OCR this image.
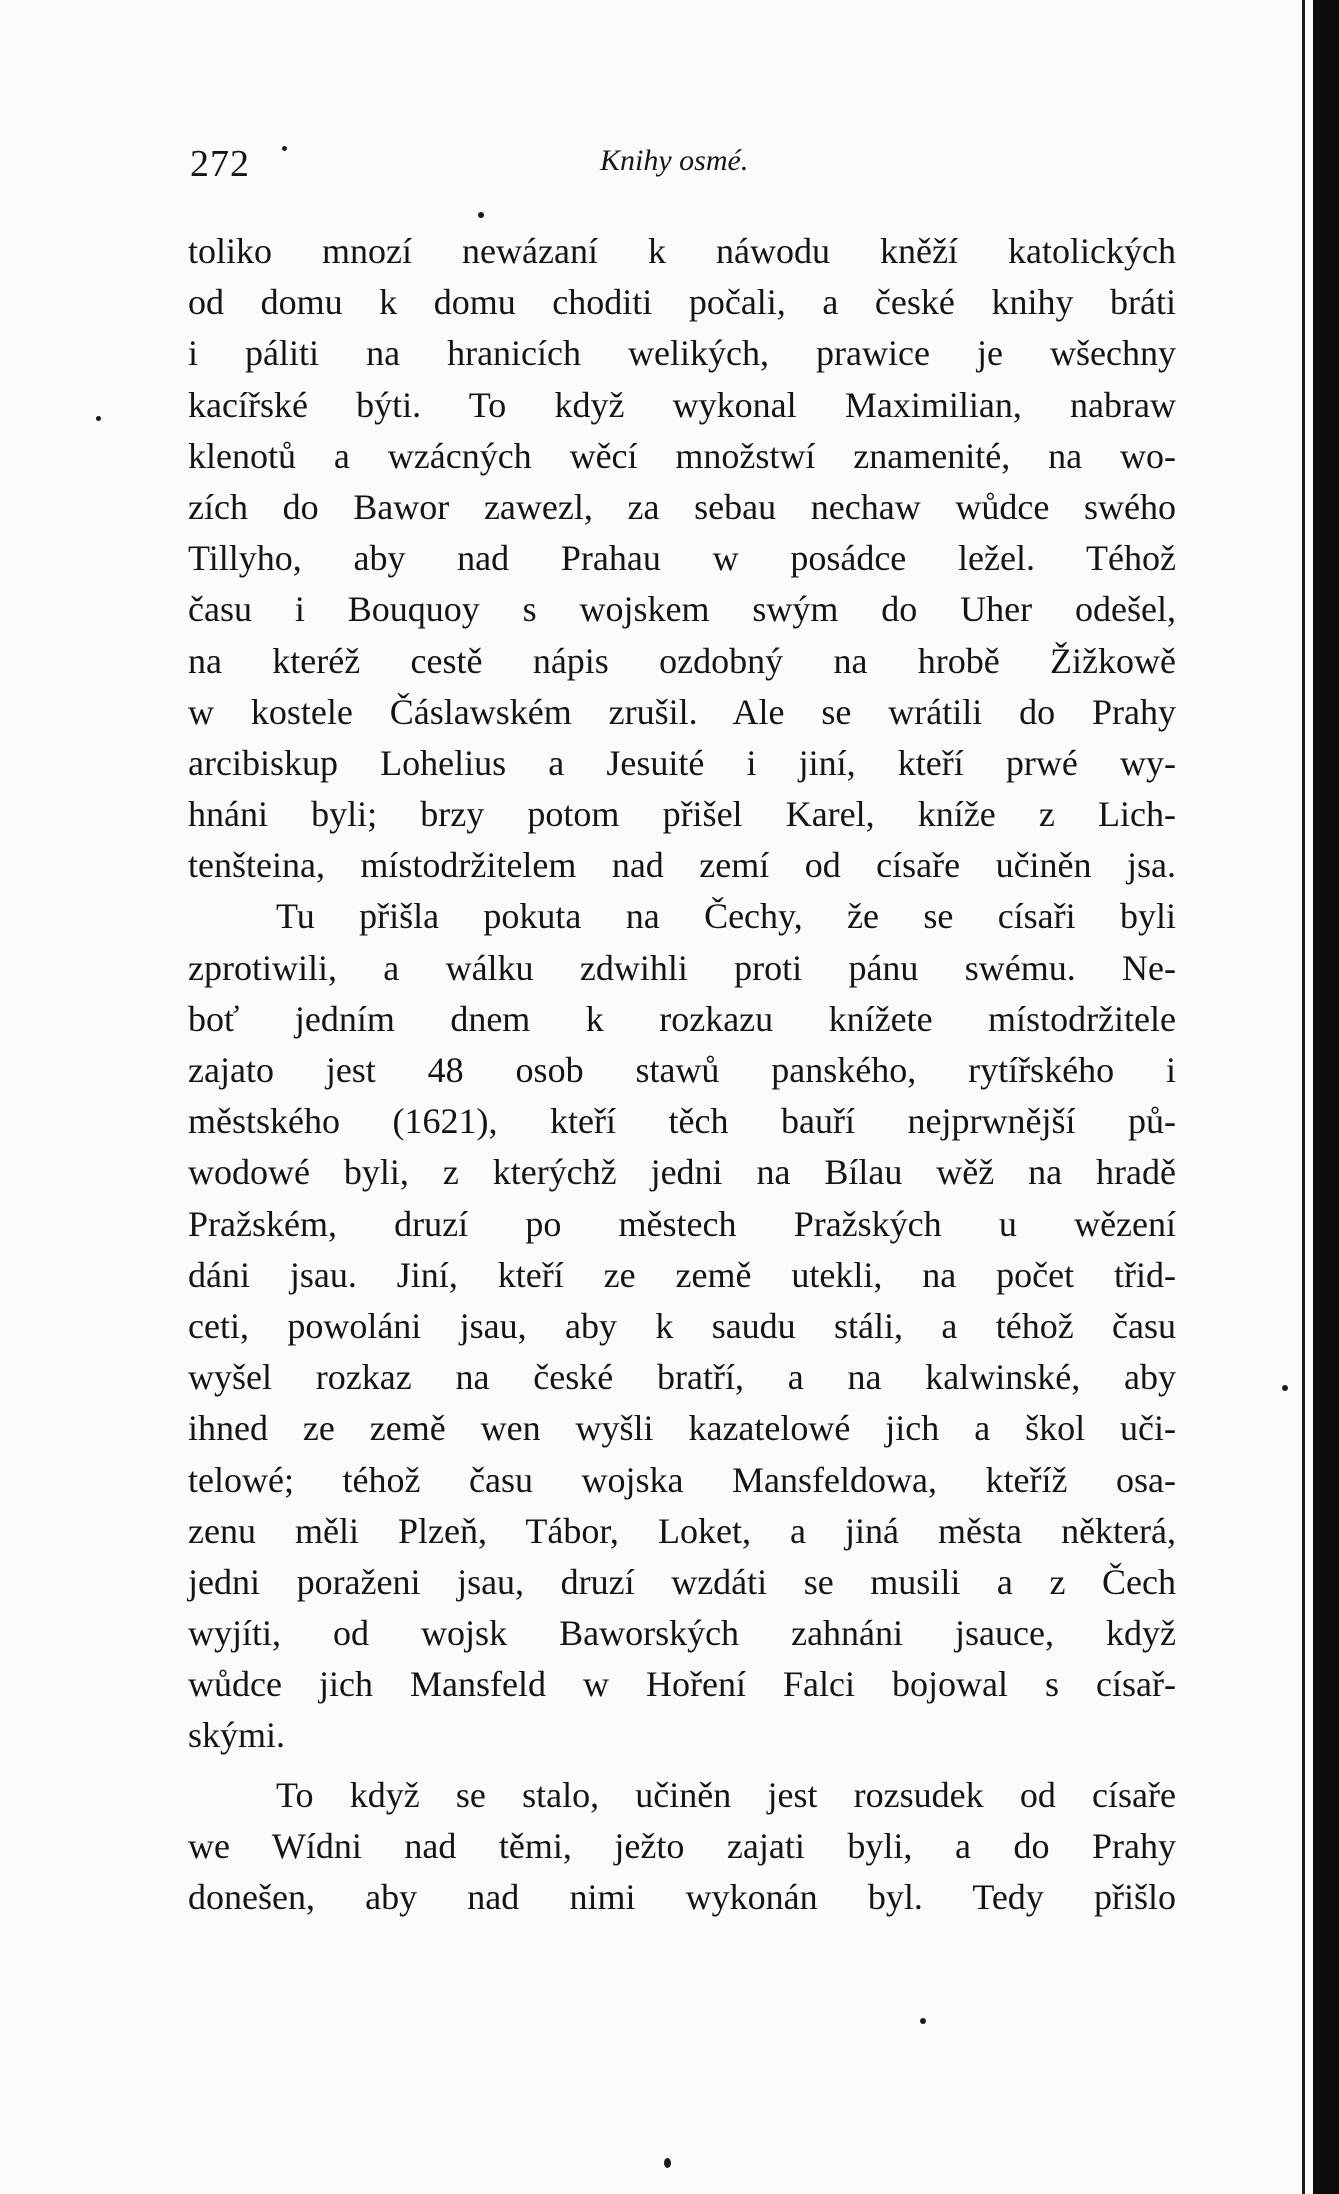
272	Knihy osmé.
toliko mnozí newázaní k náwodu kněží katolických
od domu k domu choditi počali, a české knihy bráti
i páliti na hranicích welikých, prawice je wšechny
kacířské býti. To když wykonal Maximilian, nabraw
klenotů a wzácných wěcí množstwí znamenité, na wo-
zích do Bawor zawezl, za sebau nechaw wůdce swého
Tillyho, aby nad Prahau w posádce ležel. Téhož
času i Bouquoy s wojskem swým do Uher odešel,
na kteréž cestě nápis ozdobný na hrobě Žižkowě
w kostele Čáslawském zrušil. Ale se wrátili do Prahy
arcibiskup Lohelius a Jesuité i jiní, kteří prwé wy-
hnáni byli; brzy potom přišel Karel, kníže z Lich-
tenšteina, místodržitelem nad zemí od císaře učiněn jsa.
Tu přišla pokuta na Čechy, že se císaři byli
zprotiwili, a wálku zdwihli proti pánu swému. Ne-
boť jedním dnem k rozkazu knížete místodržitele
zajato jest 48 osob stawů panského, rytířského i
městského (1621), kteří těch bauří nejprwnější pů-
wodowé byli, z kterýchž jedni na Bílau wěž na hradě
Pražském, druzí po městech Pražských u wězení
dáni jsau. Jiní, kteří ze země utekli, na počet třid-
ceti, powoláni jsau, aby k saudu stáli, a téhož času
wyšel rozkaz na české bratří, a na kalwinské, aby
ihned ze země wen wyšli kazatelowé jich a škol uči-
telowé; téhož času wojska Mansfeldowa, kteříž osa-
zenu měli Plzeň, Tábor, Loket, a jiná města některá,
jedni poraženi jsau, druzí wzdáti se musili a z Čech
wyjíti, od wojsk Baworských zahnáni jsauce, když
wůdce jich Mansfeld w Hoření Falci bojowal s císař-
skými.
To když se stalo, učiněn jest rozsudek od císaře
we Wídni nad těmi, ježto zajati byli, a do Prahy
donešen, aby nad nimi wykonán byl. Tedy přišlo
